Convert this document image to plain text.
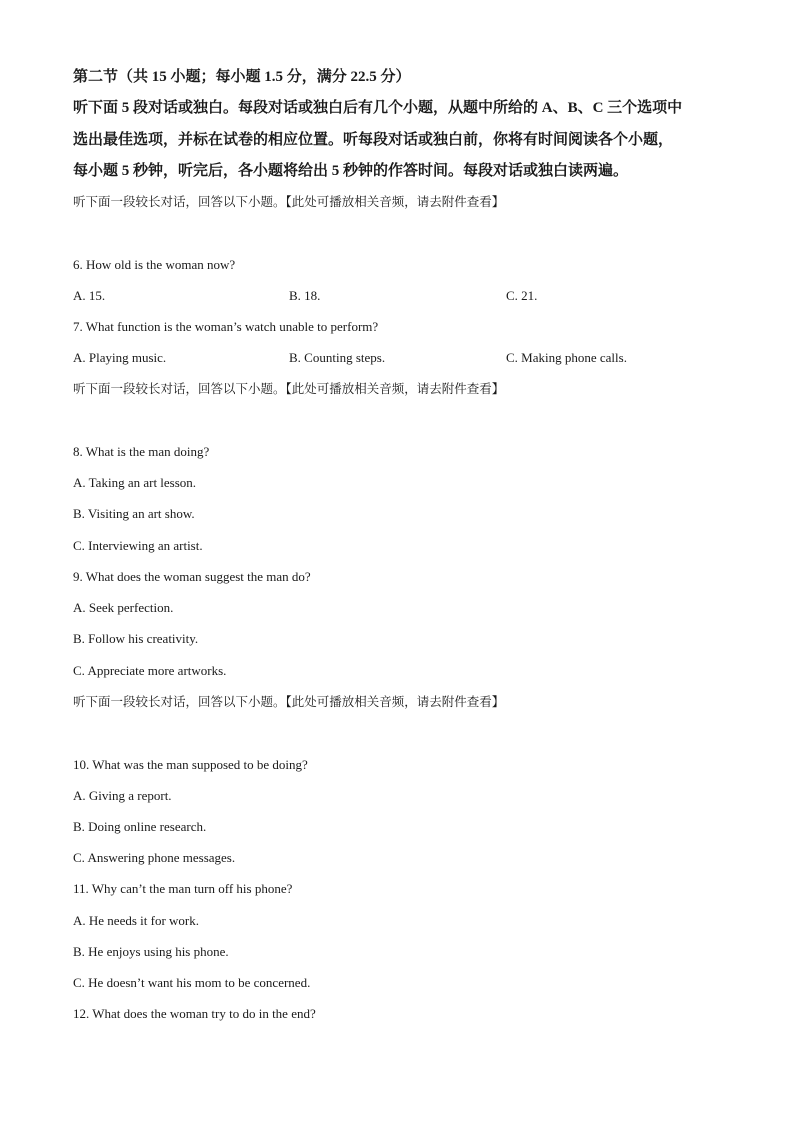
第二节（共 15 小题；每小题 1.5 分，满分 22.5 分）
听下面 5 段对话或独白。每段对话或独白后有几个小题，从题中所给的 A、B、C 三个选项中
选出最佳选项，并标在试卷的相应位置。听每段对话或独白前，你将有时间阅读各个小题，
每小题 5 秒钟，听完后，各小题将给出 5 秒钟的作答时间。每段对话或独白读两遍。
听下面一段较长对话，回答以下小题。【此处可播放相关音频，请去附件查看】
6. How old is the woman now?
A. 15.	B. 18.	C. 21.
7. What function is the woman’s watch unable to perform?
A. Playing music.	B. Counting steps.	C. Making phone calls.
听下面一段较长对话，回答以下小题。【此处可播放相关音频，请去附件查看】
8. What is the man doing?
A. Taking an art lesson.
B. Visiting an art show.
C. Interviewing an artist.
9. What does the woman suggest the man do?
A. Seek perfection.
B. Follow his creativity.
C. Appreciate more artworks.
听下面一段较长对话，回答以下小题。【此处可播放相关音频，请去附件查看】
10. What was the man supposed to be doing?
A. Giving a report.
B. Doing online research.
C. Answering phone messages.
11. Why can’t the man turn off his phone?
A. He needs it for work.
B. He enjoys using his phone.
C. He doesn’t want his mom to be concerned.
12. What does the woman try to do in the end?
